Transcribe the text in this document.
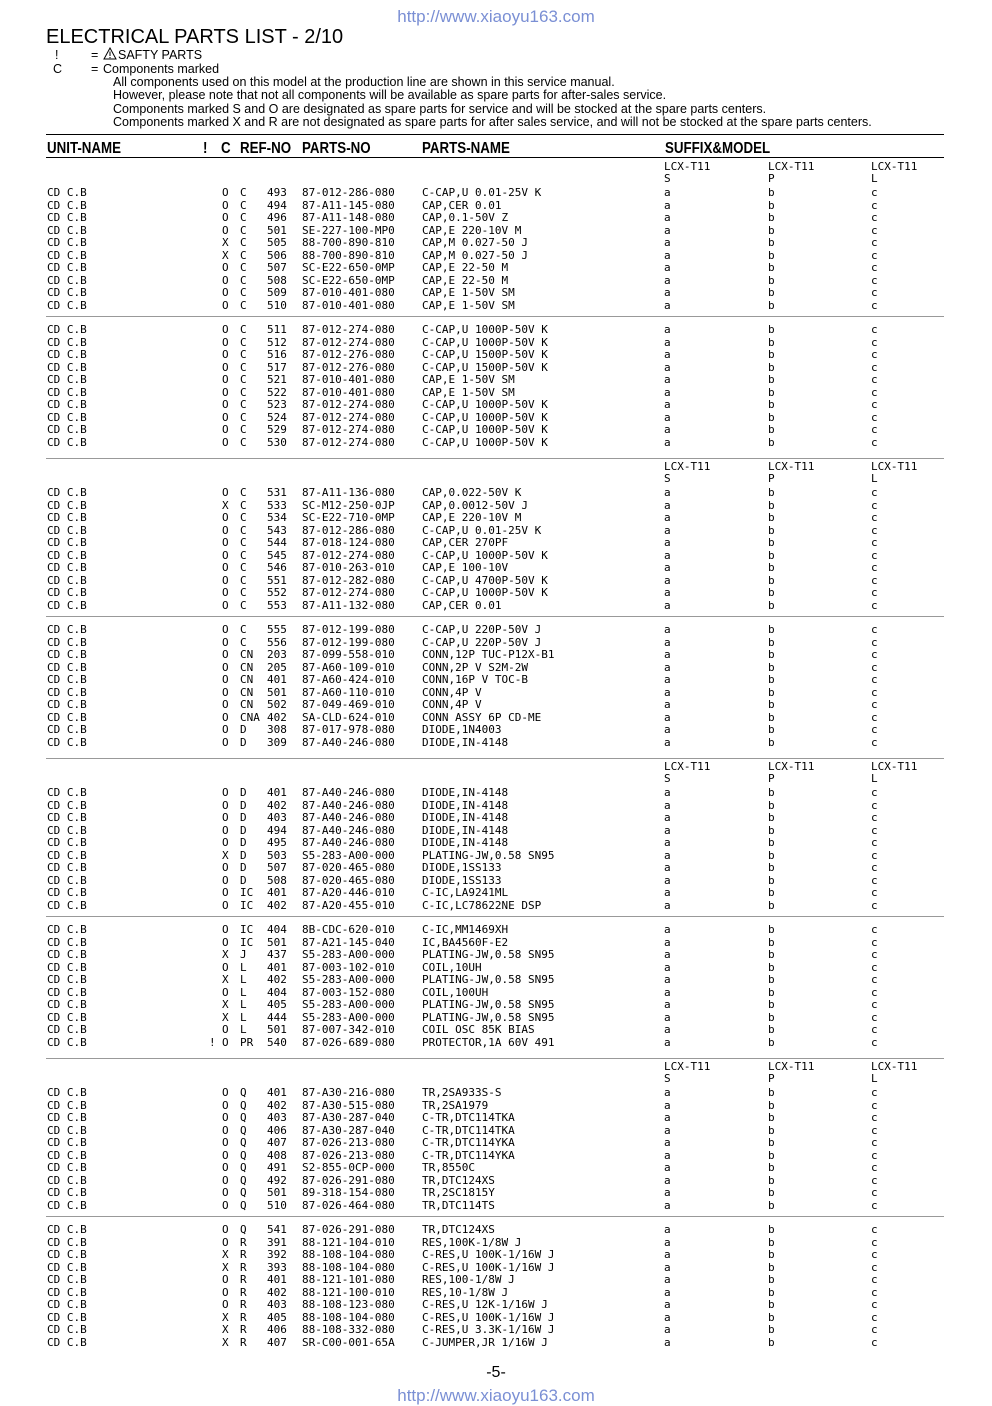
http://www.xiaoyu163.com
ELECTRICAL PARTS LIST - 2/10
!	= SAFTY PARTS
C = Components marked
All components used on this model at the production line are shown in this service manual.
However, please note that not all components will be available as spare parts for after-sales service.
Components marked S and O are designated as spare parts for service and will be stocked at the spare parts centers.
Components marked X and R are not designated as spare parts for after sales service, and will not be stocked at the spare parts centers.
UNIT-NAME	! C REF-NO PARTS-NO	PARTS-NAME	SUFFIX&MODEL
LCX-T11
S
LCX-T11
P
LCX-T11
L
CD C.B	O C 493 87-012-286-080 C-CAP,U 0.01-25V K	a	b	c
CD C.B	O C 494 87-A11-145-080 CAP,CER 0.01	a	b	c
CD C.B	O C 496 87-A11-148-080 CAP,0.1-50V Z	a	b	c
CD C.B	O C 501 SE-227-100-MP0 CAP,E 220-10V M	a	b	c
CD C.B	X C 505 88-700-890-810 CAP,M 0.027-50 J	a	b	c
CD C.B	X C 506 88-700-890-810 CAP,M 0.027-50 J	a	b	c
CD C.B	O C 507 SC-E22-650-0MP CAP,E 22-50 M	a	b	c
CD C.B	O C 508 SC-E22-650-0MP CAP,E 22-50 M	a	b	c
CD C.B	O C 509 87-010-401-080 CAP,E 1-50V SM	a	b	c
CD C.B	O C 510 87-010-401-080 CAP,E 1-50V SM	a	b	c
CD C.B	O C 511 87-012-274-080 C-CAP,U 1000P-50V K	a	b	c
CD C.B	O C 512 87-012-274-080 C-CAP,U 1000P-50V K	a	b	c
CD C.B	O C 516 87-012-276-080 C-CAP,U 1500P-50V K	a	b	c
CD C.B	O C 517 87-012-276-080 C-CAP,U 1500P-50V K	a	b	c
CD C.B	O C 521 87-010-401-080 CAP,E 1-50V SM	a	b	c
CD C.B	O C 522 87-010-401-080 CAP,E 1-50V SM	a	b	c
CD C.B	O C 523 87-012-274-080 C-CAP,U 1000P-50V K	a	b	c
CD C.B	O C 524 87-012-274-080 C-CAP,U 1000P-50V K	a	b	c
CD C.B	O C 529 87-012-274-080 C-CAP,U 1000P-50V K	a	b	c
CD C.B	O C 530 87-012-274-080 C-CAP,U 1000P-50V K	a	b	c
LCX-T11
S
LCX-T11
P
LCX-T11
L
CD C.B	O C 531 87-A11-136-080 CAP,0.022-50V K	a	b	c
CD C.B	X C 533 SC-M12-250-0JP CAP,0.0012-50V J	a	b	c
CD C.B	O C 534 SC-E22-710-0MP CAP,E 220-10V M	a	b	c
CD C.B	O C 543 87-012-286-080 C-CAP,U 0.01-25V K	a	b	c
CD C.B	O C 544 87-018-124-080 CAP,CER 270PF	a	b	c
CD C.B	O C 545 87-012-274-080 C-CAP,U 1000P-50V K	a	b	c
CD C.B	O C 546 87-010-263-010 CAP,E 100-10V	a	b	c
CD C.B	O C 551 87-012-282-080 C-CAP,U 4700P-50V K	a	b	c
CD C.B	O C 552 87-012-274-080 C-CAP,U 1000P-50V K	a	b	c
CD C.B	O C 553 87-A11-132-080 CAP,CER 0.01	a	b	c
CD C.B	O C 555 87-012-199-080 C-CAP,U 220P-50V J	a	b	c
CD C.B	O C 556 87-012-199-080 C-CAP,U 220P-50V J	a	b	c
CD C.B	O CN 203 87-099-558-010 CONN,12P TUC-P12X-B1	a	b	c
CD C.B	O CN 205 87-A60-109-010 CONN,2P V S2M-2W	a	b	c
CD C.B	O CN 401 87-A60-424-010 CONN,16P V TOC-B	a	b	c
CD C.B	O CN 501 87-A60-110-010 CONN,4P V	a	b	c
CD C.B	O CN 502 87-049-469-010 CONN,4P V	a	b	c
CD C.B	O CNA 402 SA-CLD-624-010 CONN ASSY 6P CD-ME	a	b	c
CD C.B	O D 308 87-017-978-080 DIODE,1N4003	a	b	c
CD C.B	O D 309 87-A40-246-080 DIODE,IN-4148	a	b	c
LCX-T11
S
LCX-T11
P
LCX-T11
L
CD C.B	O D 401 87-A40-246-080 DIODE,IN-4148	a	b	c
CD C.B	O D 402 87-A40-246-080 DIODE,IN-4148	a	b	c
CD C.B	O D 403 87-A40-246-080 DIODE,IN-4148	a	b	c
CD C.B	O D 494 87-A40-246-080 DIODE,IN-4148	a	b	c
CD C.B	O D 495 87-A40-246-080 DIODE,IN-4148	a	b	c
CD C.B	X D 503 S5-283-A00-000 PLATING-JW,0.58 SN95	a	b	c
CD C.B	O D 507 87-020-465-080 DIODE,1SS133	a	b	c
CD C.B	O D 508 87-020-465-080 DIODE,1SS133	a	b	c
CD C.B	O IC 401 87-A20-446-010 C-IC,LA9241ML	a	b	c
CD C.B	O IC 402 87-A20-455-010 C-IC,LC78622NE DSP	a	b	c
CD C.B	O IC 404 8B-CDC-620-010 C-IC,MM1469XH	a	b	c
CD C.B	O IC 501 87-A21-145-040 IC,BA4560F-E2	a	b	c
CD C.B	X J 437 S5-283-A00-000 PLATING-JW,0.58 SN95	a	b	c
CD C.B	O L 401 87-003-102-010 COIL,10UH	a	b	c
CD C.B	X L 402 S5-283-A00-000 PLATING-JW,0.58 SN95	a	b	c
CD C.B	O L 404 87-003-152-080 COIL,100UH	a	b	c
CD C.B	X L 405 S5-283-A00-000 PLATING-JW,0.58 SN95	a	b	c
CD C.B	X L 444 S5-283-A00-000 PLATING-JW,0.58 SN95	a	b	c
CD C.B	O L 501 87-007-342-010 COIL OSC 85K BIAS	a	b	c
CD C.B	! O PR 540 87-026-689-080 PROTECTOR,1A 60V 491	a	b	c
LCX-T11
S
LCX-T11
P
LCX-T11
L
CD C.B	O Q 401 87-A30-216-080 TR,2SA933S-S	a	b	c
CD C.B	O Q 402 87-A30-515-080 TR,2SA1979	a	b	c
CD C.B	O Q 403 87-A30-287-040 C-TR,DTC114TKA	a	b	c
CD C.B	O Q 406 87-A30-287-040 C-TR,DTC114TKA	a	b	c
CD C.B	O Q 407 87-026-213-080 C-TR,DTC114YKA	a	b	c
CD C.B	O Q 408 87-026-213-080 C-TR,DTC114YKA	a	b	c
CD C.B	O Q 491 S2-855-0CP-000 TR,8550C	a	b	c
CD C.B	O Q 492 87-026-291-080 TR,DTC124XS	a	b	c
CD C.B	O Q 501 89-318-154-080 TR,2SC1815Y	a	b	c
CD C.B	O Q 510 87-026-464-080 TR,DTC114TS	a	b	c
CD C.B	O Q 541 87-026-291-080 TR,DTC124XS	a	b	c
CD C.B	O R 391 88-121-104-010 RES,100K-1/8W J	a	b	c
CD C.B	X R 392 88-108-104-080 C-RES,U 100K-1/16W J	a	b	c
CD C.B	X R 393 88-108-104-080 C-RES,U 100K-1/16W J	a	b	c
CD C.B	O R 401 88-121-101-080 RES,100-1/8W J	a	b	c
CD C.B	O R 402 88-121-100-010 RES,10-1/8W J	a	b	c
CD C.B	O R 403 88-108-123-080 C-RES,U 12K-1/16W J	a	b	c
CD C.B	X R 405 88-108-104-080 C-RES,U 100K-1/16W J	a	b	c
CD C.B	X R 406 88-108-332-080 C-RES,U 3.3K-1/16W J	a	b	c
CD C.B	X R 407 SR-C00-001-65A C-JUMPER,JR 1/16W J	a	b	c
-5-
http://www.xiaoyu163.com
